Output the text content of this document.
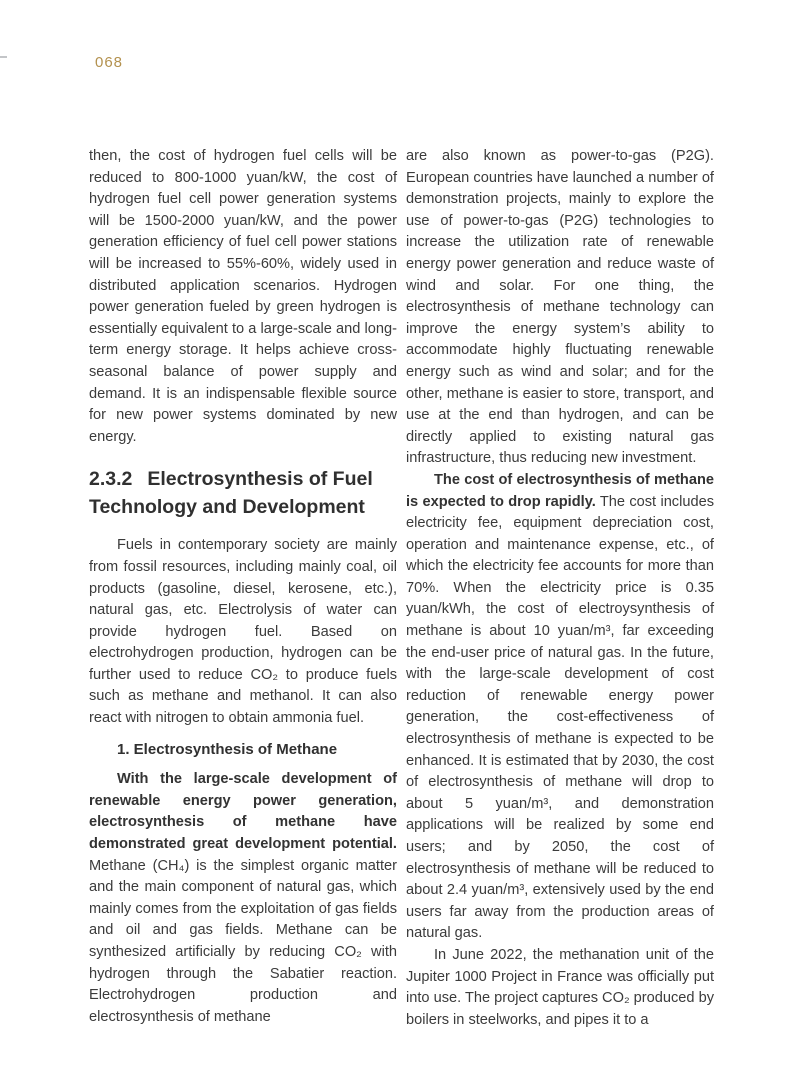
068

then, the cost of hydrogen fuel cells will be reduced to 800-1000 yuan/kW, the cost of hydrogen fuel cell power generation systems will be 1500-2000 yuan/kW, and the power generation efficiency of fuel cell power stations will be increased to 55%-60%, widely used in distributed application scenarios. Hydrogen power generation fueled by green hydrogen is essentially equivalent to a large-scale and long-term energy storage. It helps achieve cross-seasonal balance of power supply and demand. It is an indispensable flexible source for new power systems dominated by new energy.

2.3.2 Electrosynthesis of Fuel Technology and Development

Fuels in contemporary society are mainly from fossil resources, including mainly coal, oil products (gasoline, diesel, kerosene, etc.), natural gas, etc. Electrolysis of water can provide hydrogen fuel. Based on electrohydrogen production, hydrogen can be further used to reduce CO₂ to produce fuels such as methane and methanol. It can also react with nitrogen to obtain ammonia fuel.

1. Electrosynthesis of Methane

With the large-scale development of renewable energy power generation, electrosynthesis of methane have demonstrated great development potential. Methane (CH₄) is the simplest organic matter and the main component of natural gas, which mainly comes from the exploitation of gas fields and oil and gas fields. Methane can be synthesized artificially by reducing CO₂ with hydrogen through the Sabatier reaction. Electrohydrogen production and electrosynthesis of methane

are also known as power-to-gas (P2G). European countries have launched a number of demonstration projects, mainly to explore the use of power-to-gas (P2G) technologies to increase the utilization rate of renewable energy power generation and reduce waste of wind and solar. For one thing, the electrosynthesis of methane technology can improve the energy system’s ability to accommodate highly fluctuating renewable energy such as wind and solar; and for the other, methane is easier to store, transport, and use at the end than hydrogen, and can be directly applied to existing natural gas infrastructure, thus reducing new investment.

The cost of electrosynthesis of methane is expected to drop rapidly. The cost includes electricity fee, equipment depreciation cost, operation and maintenance expense, etc., of which the electricity fee accounts for more than 70%. When the electricity price is 0.35 yuan/kWh, the cost of electroysynthesis of methane is about 10 yuan/m³, far exceeding the end-user price of natural gas. In the future, with the large-scale development of cost reduction of renewable energy power generation, the cost-effectiveness of electrosynthesis of methane is expected to be enhanced. It is estimated that by 2030, the cost of electrosynthesis of methane will drop to about 5 yuan/m³, and demonstration applications will be realized by some end users; and by 2050, the cost of electrosynthesis of methane will be reduced to about 2.4 yuan/m³, extensively used by the end users far away from the production areas of natural gas.

In June 2022, the methanation unit of the Jupiter 1000 Project in France was officially put into use. The project captures CO₂ produced by boilers in steelworks, and pipes it to a
